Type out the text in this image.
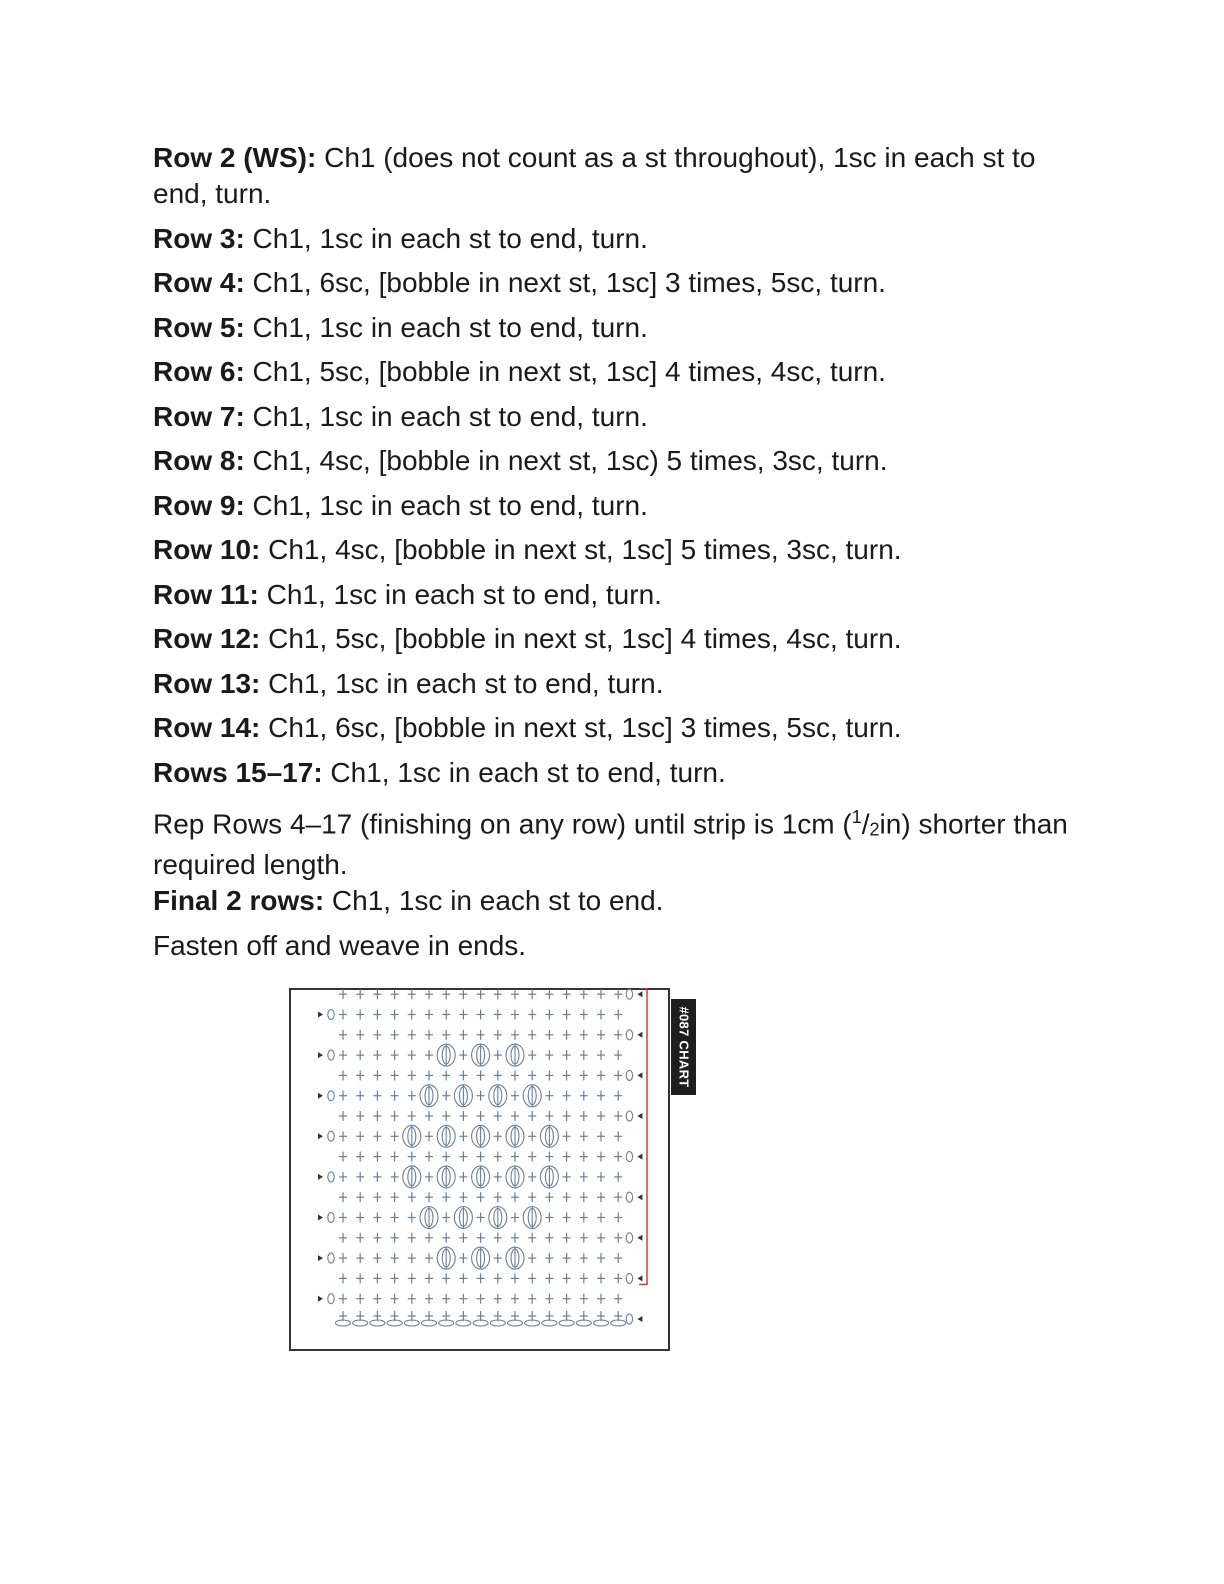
Row 2 (WS): Ch1 (does not count as a st throughout), 1sc in each st to end, turn.
Row 3: Ch1, 1sc in each st to end, turn.
Row 4: Ch1, 6sc, [bobble in next st, 1sc] 3 times, 5sc, turn.
Row 5: Ch1, 1sc in each st to end, turn.
Row 6: Ch1, 5sc, [bobble in next st, 1sc] 4 times, 4sc, turn.
Row 7: Ch1, 1sc in each st to end, turn.
Row 8: Ch1, 4sc, [bobble in next st, 1sc) 5 times, 3sc, turn.
Row 9: Ch1, 1sc in each st to end, turn.
Row 10: Ch1, 4sc, [bobble in next st, 1sc] 5 times, 3sc, turn.
Row 11: Ch1, 1sc in each st to end, turn.
Row 12: Ch1, 5sc, [bobble in next st, 1sc] 4 times, 4sc, turn.
Row 13: Ch1, 1sc in each st to end, turn.
Row 14: Ch1, 6sc, [bobble in next st, 1sc] 3 times, 5sc, turn.
Rows 15–17: Ch1, 1sc in each st to end, turn.
Rep Rows 4–17 (finishing on any row) until strip is 1cm $(^1/_2in)$ shorter than required length.
Final 2 rows: Ch1, 1sc in each st to end.
Fasten off and weave in ends.
#087 CHART
